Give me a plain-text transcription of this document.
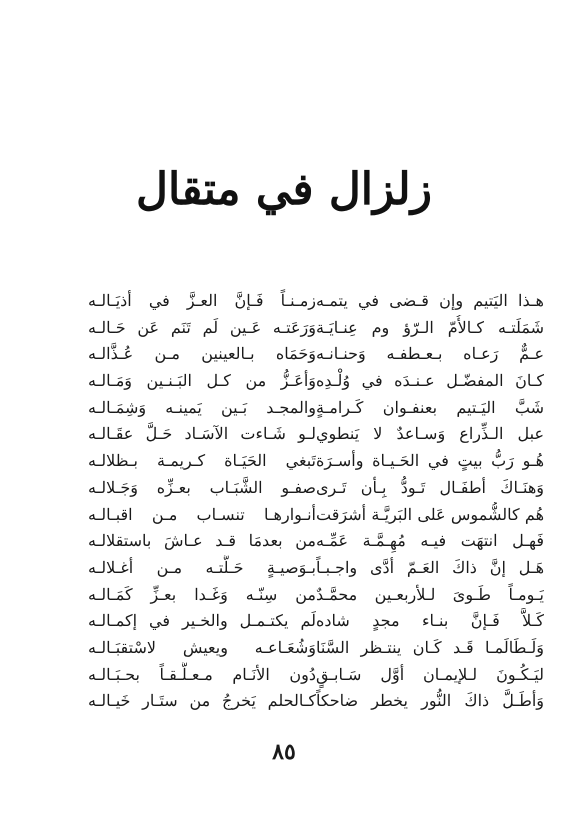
زلزال في متقال
هـذا اليَتيم وإن قـضى في يتمـه
شَمَلَتـه كـالأُمّ الـرّؤ وم عِنـايَـة
عـمٌّ رَعـاه بـعـطفـه وَحنـانـه
كـانَ المفضّـل عـنـدَه في وُلْـدِه
شَبَّ اليَـتيم بعنفـوان كَـرامـةٍ
عبل الـذِّراع وَسـاعدٌ لا يَنطوي
هُـو رَبُّ بيتٍ في الحَـيـاة وأسـرَة
وَهنَـاكَ أطفَـال تَـودُّ بِـأن تَـرى
هُم كالشُّموس عَلى البَريَّـة أشرَقت
فَهـل انتهَت فيـه مُهِـمَّـة عَمِّـه
هَـل إنَّ ذاكَ العَـمّ أدَّى واجـبـاً
يَـومـاً طَـوىَ لـلأربعـين محمَّـدٌ
كَـلاَّ فَـإنَّ بنـاء مجدٍ شاده
وَلَـطَالَمـا قَـد كَـان ينتـظر السَّنَا
ليَـكُـونَ لـلإيمـان أوَّل سَـابـقٍ
وَأطَـلَّ ذاكَ النُّور يخطر ضاحكاً
زمـنـاً فَـإنَّ العـزَّ في أذيَـالـه
وَرَعَتـه عَـين لَم تَنَم عَن حَـالـه
وَحَمَاه بـالعينين مـن عُـذَّالـه
وَأعَـزُّ من كـل البَـنـين وَمَـالـه
والمجـد بَـين يَمينـه وَشِمَـالـه
لـو شَـاءت الآسَـاد حَـلَّ عقَـالـه
تَبغي الحَيَـاة كـريمـة بـظلالـه
صفـو الشَّبَـاب بعـزِّه وَجَـلالـه
أنـوارهـا تنسـاب مـن اقبـالـه
من بعدمَا قـد عـاشَ باستقلالـه
بـوَصيـةٍ حَـلَّتـه مـن أغـلالـه
من سِنّـه وَغَـدا بعـزِّ كَمَـالـه
لَم يكتـمـل والخـير في إكمـالـه
وَشُعَـاعـه ويعيش لاسْتقبَـالـه
دُون الأنَـام مـعـلَّـقـاً بحـبَـالـه
كـالحلم يَخرجُ من ستَـار خَيـالـه
٨٥
